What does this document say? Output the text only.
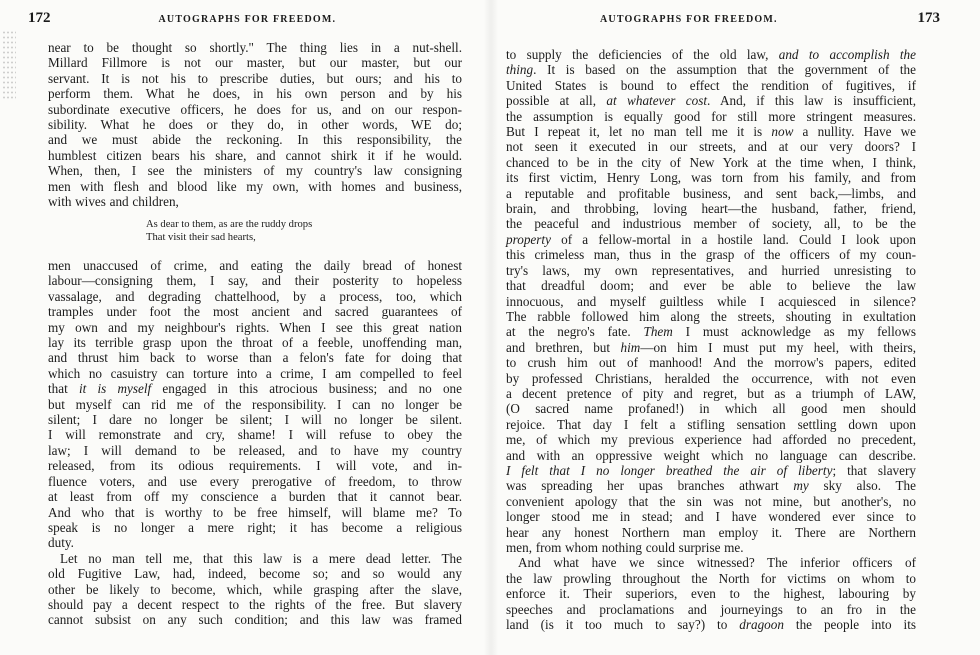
172	AUTOGRAPHS FOR FREEDOM.
near to be thought so shortly." The thing lies in a nut-shell.
Millard Fillmore is not our master, but our master, but our
servant. It is not his to prescribe duties, but ours; and his to
perform them. What he does, in his own person and by his
subordinate executive officers, he does for us, and on our respon-
sibility. What he does or they do, in other words, WE do;
and we must abide the reckoning. In this responsibility, the
humblest citizen bears his share, and cannot shirk it if he would.
When, then, I see the ministers of my country's law consigning
men with flesh and blood like my own, with homes and business,
with wives and children,
As dear to them, as are the ruddy drops
That visit their sad hearts,
men unaccused of crime, and eating the daily bread of honest
labour—consigning them, I say, and their posterity to hopeless
vassalage, and degrading chattelhood, by a process, too, which
tramples under foot the most ancient and sacred guarantees of
my own and my neighbour's rights. When I see this great nation
lay its terrible grasp upon the throat of a feeble, unoffending man,
and thrust him back to worse than a felon's fate for doing that
which no casuistry can torture into a crime, I am compelled to feel
that it is myself engaged in this atrocious business; and no one
but myself can rid me of the responsibility. I can no longer be
silent; I dare no longer be silent; I will no longer be silent.
I will remonstrate and cry, shame! I will refuse to obey the
law; I will demand to be released, and to have my country
released, from its odious requirements. I will vote, and in-
fluence voters, and use every prerogative of freedom, to throw
at least from off my conscience a burden that it cannot bear.
And who that is worthy to be free himself, will blame me? To
speak is no longer a mere right; it has become a religious
duty.
Let no man tell me, that this law is a mere dead letter. The
old Fugitive Law, had, indeed, become so; and so would any
other be likely to become, which, while grasping after the slave,
should pay a decent respect to the rights of the free. But slavery
cannot subsist on any such condition; and this law was framed
AUTOGRAPHS FOR FREEDOM.	173
to supply the deficiencies of the old law, and to accomplish the
thing. It is based on the assumption that the government of the
United States is bound to effect the rendition of fugitives, if
possible at all, at whatever cost. And, if this law is insufficient,
the assumption is equally good for still more stringent measures.
But I repeat it, let no man tell me it is now a nullity. Have we
not seen it executed in our streets, and at our very doors? I
chanced to be in the city of New York at the time when, I think,
its first victim, Henry Long, was torn from his family, and from
a reputable and profitable business, and sent back,—limbs, and
brain, and throbbing, loving heart—the husband, father, friend,
the peaceful and industrious member of society, all, to be the
property of a fellow-mortal in a hostile land. Could I look upon
this crimeless man, thus in the grasp of the officers of my coun-
try's laws, my own representatives, and hurried unresisting to
that dreadful doom; and ever be able to believe the law
innocuous, and myself guiltless while I acquiesced in silence?
The rabble followed him along the streets, shouting in exultation
at the negro's fate. Them I must acknowledge as my fellows
and brethren, but him—on him I must put my heel, with theirs,
to crush him out of manhood! And the morrow's papers, edited
by professed Christians, heralded the occurrence, with not even
a decent pretence of pity and regret, but as a triumph of LAW,
(O sacred name profaned!) in which all good men should
rejoice. That day I felt a stifling sensation settling down upon
me, of which my previous experience had afforded no precedent,
and with an oppressive weight which no language can describe.
I felt that I no longer breathed the air of liberty; that slavery
was spreading her upas branches athwart my sky also. The
convenient apology that the sin was not mine, but another's, no
longer stood me in stead; and I have wondered ever since to
hear any honest Northern man employ it. There are Northern
men, from whom nothing could surprise me.
And what have we since witnessed? The inferior officers of
the law prowling throughout the North for victims on whom to
enforce it. Their superiors, even to the highest, labouring by
speeches and proclamations and journeyings to an fro in the
land (is it too much to say?) to dragoon the people into its
